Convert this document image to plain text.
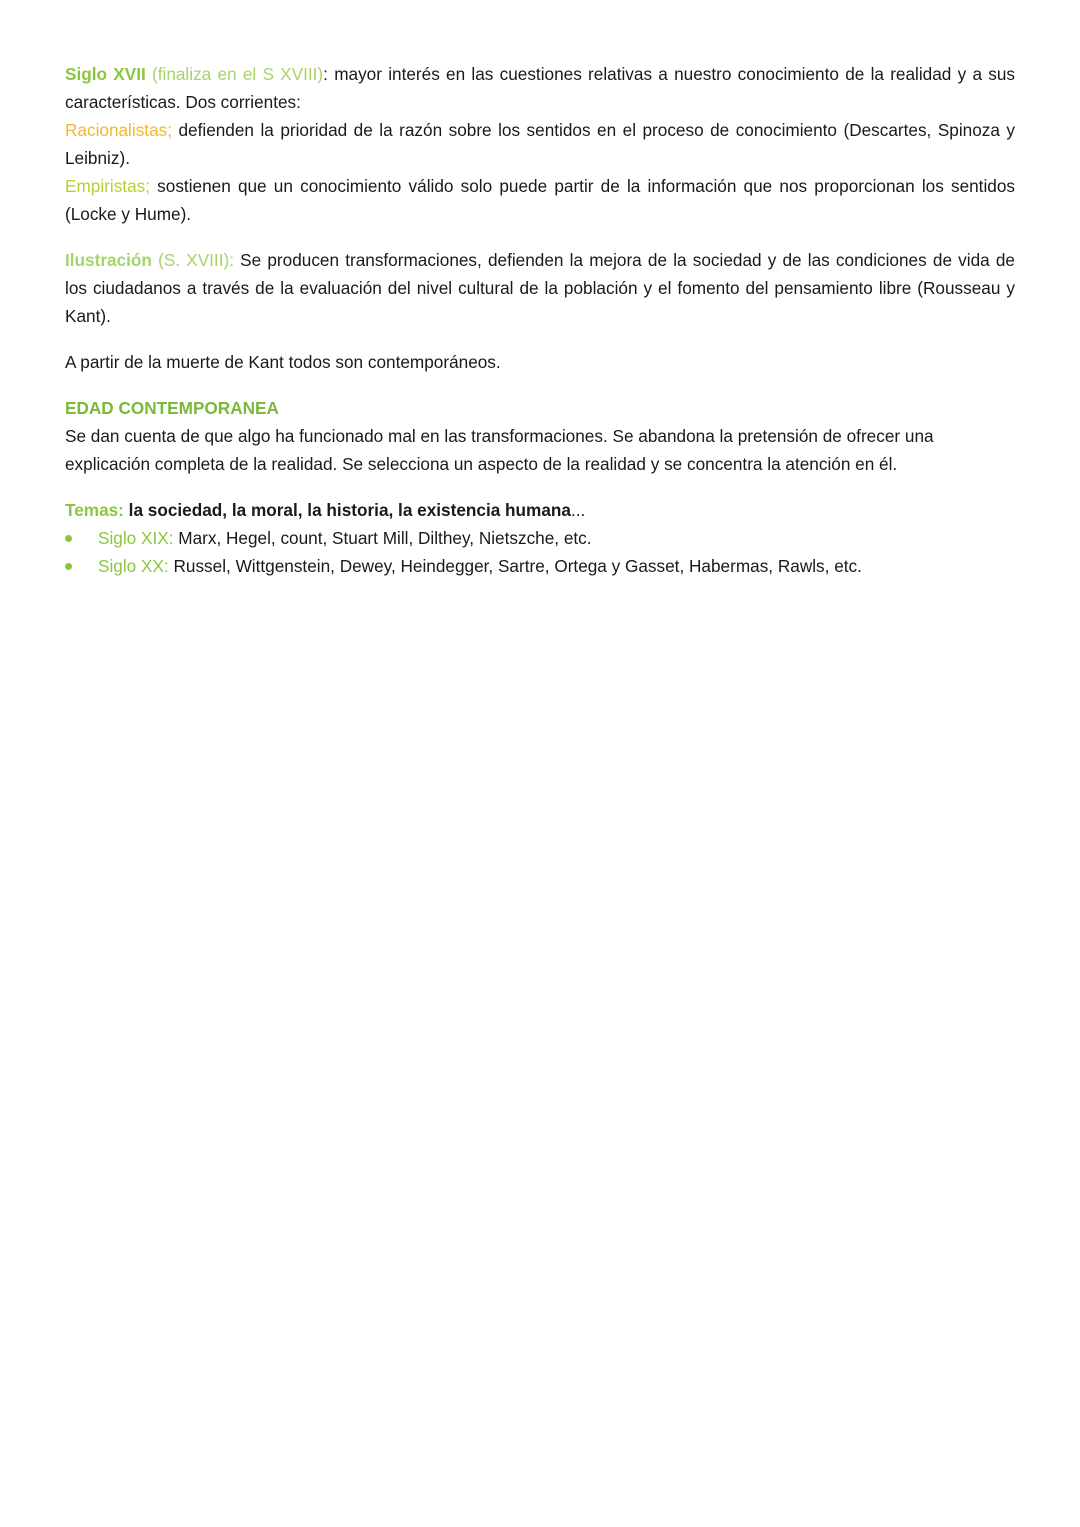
Siglo XVII (finaliza en el S XVIII): mayor interés en las cuestiones relativas a nuestro conocimiento de la realidad y a sus características. Dos corrientes:

Racionalistas; defienden la prioridad de la razón sobre los sentidos en el proceso de conocimiento (Descartes, Spinoza y Leibniz).

Empiristas; sostienen que un conocimiento válido solo puede partir de la información que nos proporcionan los sentidos (Locke y Hume).

Ilustración (S. XVIII): Se producen transformaciones, defienden la mejora de la sociedad y de las condiciones de vida de los ciudadanos a través de la evaluación del nivel cultural de la población y el fomento del pensamiento libre (Rousseau y Kant).

A partir de la muerte de Kant todos son contemporáneos.

EDAD CONTEMPORANEA

Se dan cuenta de que algo ha funcionado mal en las transformaciones. Se abandona la pretensión de ofrecer una explicación completa de la realidad. Se selecciona un aspecto de la realidad y se concentra la atención en él.

Temas: la sociedad, la moral, la historia, la existencia humana...

Siglo XIX: Marx, Hegel, count, Stuart Mill, Dilthey, Nietszche, etc.
Siglo XX: Russel, Wittgenstein, Dewey, Heindegger, Sartre, Ortega y Gasset, Habermas, Rawls, etc.
